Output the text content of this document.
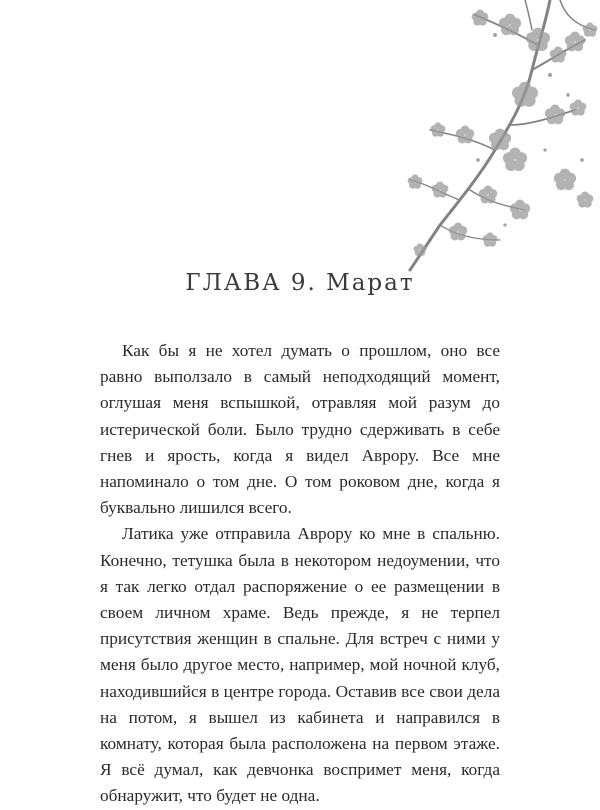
ГЛАВА 9. Марат

Как бы я не хотел думать о прошлом, оно все равно выползало в самый неподходящий момент, оглушая меня вспышкой, отравляя мой разум до истерической боли. Было трудно сдерживать в себе гнев и ярость, когда я видел Аврору. Все мне напоминало о том дне. О том роковом дне, когда я буквально лишился всего.

Латика уже отправила Аврору ко мне в спальню. Конечно, тетушка была в некотором недоумении, что я так легко отдал распоряжение о ее размещении в своем личном храме. Ведь прежде, я не терпел присутствия женщин в спальне. Для встреч с ними у меня было другое место, например, мой ночной клуб, находившийся в центре города. Оставив все свои дела на потом, я вышел из кабинета и направился в комнату, которая была расположена на первом этаже. Я всё думал, как девчонка воспримет меня, когда обнаружит, что будет не одна.
